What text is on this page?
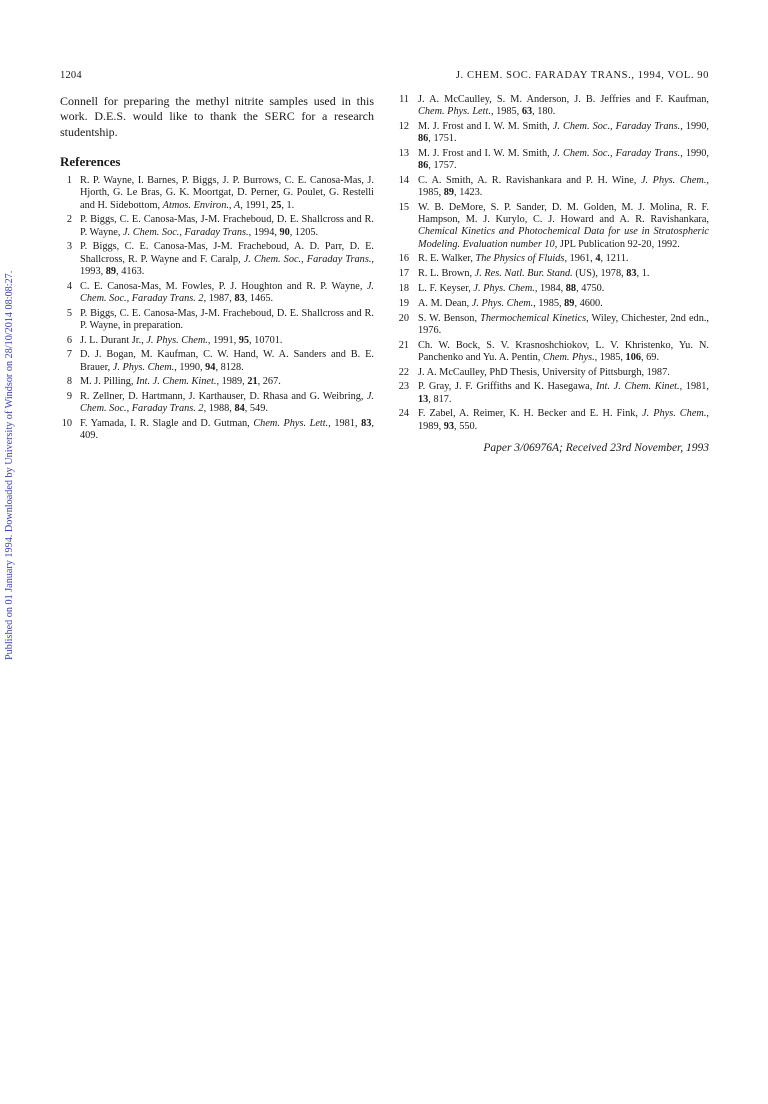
Published on 01 January 1994. Downloaded by University of Windsor on 28/10/2014 08:08:27.
1204	J. CHEM. SOC. FARADAY TRANS., 1994, VOL. 90

Connell for preparing the methyl nitrite samples used in this work. D.E.S. would like to thank the SERC for a research studentship.

References
1 R. P. Wayne, I. Barnes, P. Biggs, J. P. Burrows, C. E. Canosa-Mas, J. Hjorth, G. Le Bras, G. K. Moortgat, D. Perner, G. Poulet, G. Restelli and H. Sidebottom, Atmos. Environ., A, 1991, 25, 1.
2 P. Biggs, C. E. Canosa-Mas, J-M. Fracheboud, D. E. Shallcross and R. P. Wayne, J. Chem. Soc., Faraday Trans., 1994, 90, 1205.
3 P. Biggs, C. E. Canosa-Mas, J-M. Fracheboud, A. D. Parr, D. E. Shallcross, R. P. Wayne and F. Caralp, J. Chem. Soc., Faraday Trans., 1993, 89, 4163.
4 C. E. Canosa-Mas, M. Fowles, P. J. Houghton and R. P. Wayne, J. Chem. Soc., Faraday Trans. 2, 1987, 83, 1465.
5 P. Biggs, C. E. Canosa-Mas, J-M. Fracheboud, D. E. Shallcross and R. P. Wayne, in preparation.
6 J. L. Durant Jr., J. Phys. Chem., 1991, 95, 10701.
7 D. J. Bogan, M. Kaufman, C. W. Hand, W. A. Sanders and B. E. Brauer, J. Phys. Chem., 1990, 94, 8128.
8 M. J. Pilling, Int. J. Chem. Kinet., 1989, 21, 267.
9 R. Zellner, D. Hartmann, J. Karthauser, D. Rhasa and G. Weibring, J. Chem. Soc., Faraday Trans. 2, 1988, 84, 549.
10 F. Yamada, I. R. Slagle and D. Gutman, Chem. Phys. Lett., 1981, 83, 409.
11 J. A. McCaulley, S. M. Anderson, J. B. Jeffries and F. Kaufman, Chem. Phys. Lett., 1985, 63, 180.
12 M. J. Frost and I. W. M. Smith, J. Chem. Soc., Faraday Trans., 1990, 86, 1751.
13 M. J. Frost and I. W. M. Smith, J. Chem. Soc., Faraday Trans., 1990, 86, 1757.
14 C. A. Smith, A. R. Ravishankara and P. H. Wine, J. Phys. Chem., 1985, 89, 1423.
15 W. B. DeMore, S. P. Sander, D. M. Golden, M. J. Molina, R. F. Hampson, M. J. Kurylo, C. J. Howard and A. R. Ravishankara, Chemical Kinetics and Photochemical Data for use in Stratospheric Modeling. Evaluation number 10, JPL Publication 92-20, 1992.
16 R. E. Walker, The Physics of Fluids, 1961, 4, 1211.
17 R. L. Brown, J. Res. Natl. Bur. Stand. (US), 1978, 83, 1.
18 L. F. Keyser, J. Phys. Chem., 1984, 88, 4750.
19 A. M. Dean, J. Phys. Chem., 1985, 89, 4600.
20 S. W. Benson, Thermochemical Kinetics, Wiley, Chichester, 2nd edn., 1976.
21 Ch. W. Bock, S. V. Krasnoshchiokov, L. V. Khristenko, Yu. N. Panchenko and Yu. A. Pentin, Chem. Phys., 1985, 106, 69.
22 J. A. McCaulley, PhD Thesis, University of Pittsburgh, 1987.
23 P. Gray, J. F. Griffiths and K. Hasegawa, Int. J. Chem. Kinet., 1981, 13, 817.
24 F. Zabel, A. Reimer, K. H. Becker and E. H. Fink, J. Phys. Chem., 1989, 93, 550.
Paper 3/06976A; Received 23rd November, 1993
